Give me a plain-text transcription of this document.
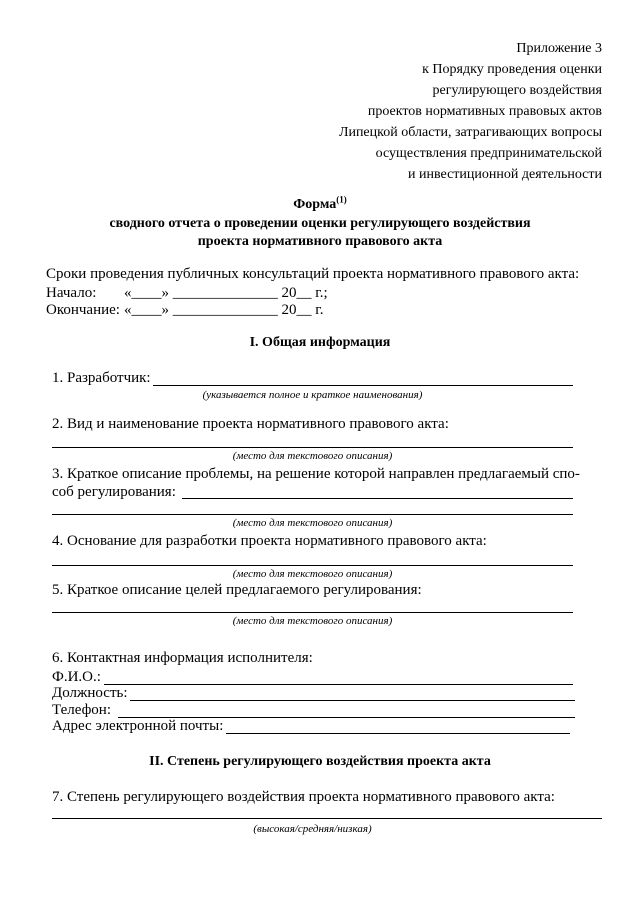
Приложение 3
к Порядку проведения оценки
регулирующего воздействия
проектов нормативных правовых актов
Липецкой области, затрагивающих вопросы
осуществления предпринимательской
и инвестиционной деятельности
Форма$^{(1)}$
сводного отчета о проведении оценки регулирующего воздействия
проекта нормативного правового акта
Сроки проведения публичных консультаций проекта нормативного правового акта:
Начало: «____» ______________ 20__ г.;
Окончание: «____» ______________ 20__ г.
I. Общая информация
1. Разработчик:
(указывается полное и краткое наименования)
2. Вид и наименование проекта нормативного правового акта:
(место для текстового описания)
3. Краткое описание проблемы, на решение которой направлен предлагаемый спо-
соб регулирования:
(место для текстового описания)
4. Основание для разработки проекта нормативного правового акта:
(место для текстового описания)
5. Краткое описание целей предлагаемого регулирования:
(место для текстового описания)
6. Контактная информация исполнителя:
Ф.И.О.:
Должность:
Телефон:
Адрес электронной почты:
II. Степень регулирующего воздействия проекта акта
7. Степень регулирующего воздействия проекта нормативного правового акта:
(высокая/средняя/низкая)
